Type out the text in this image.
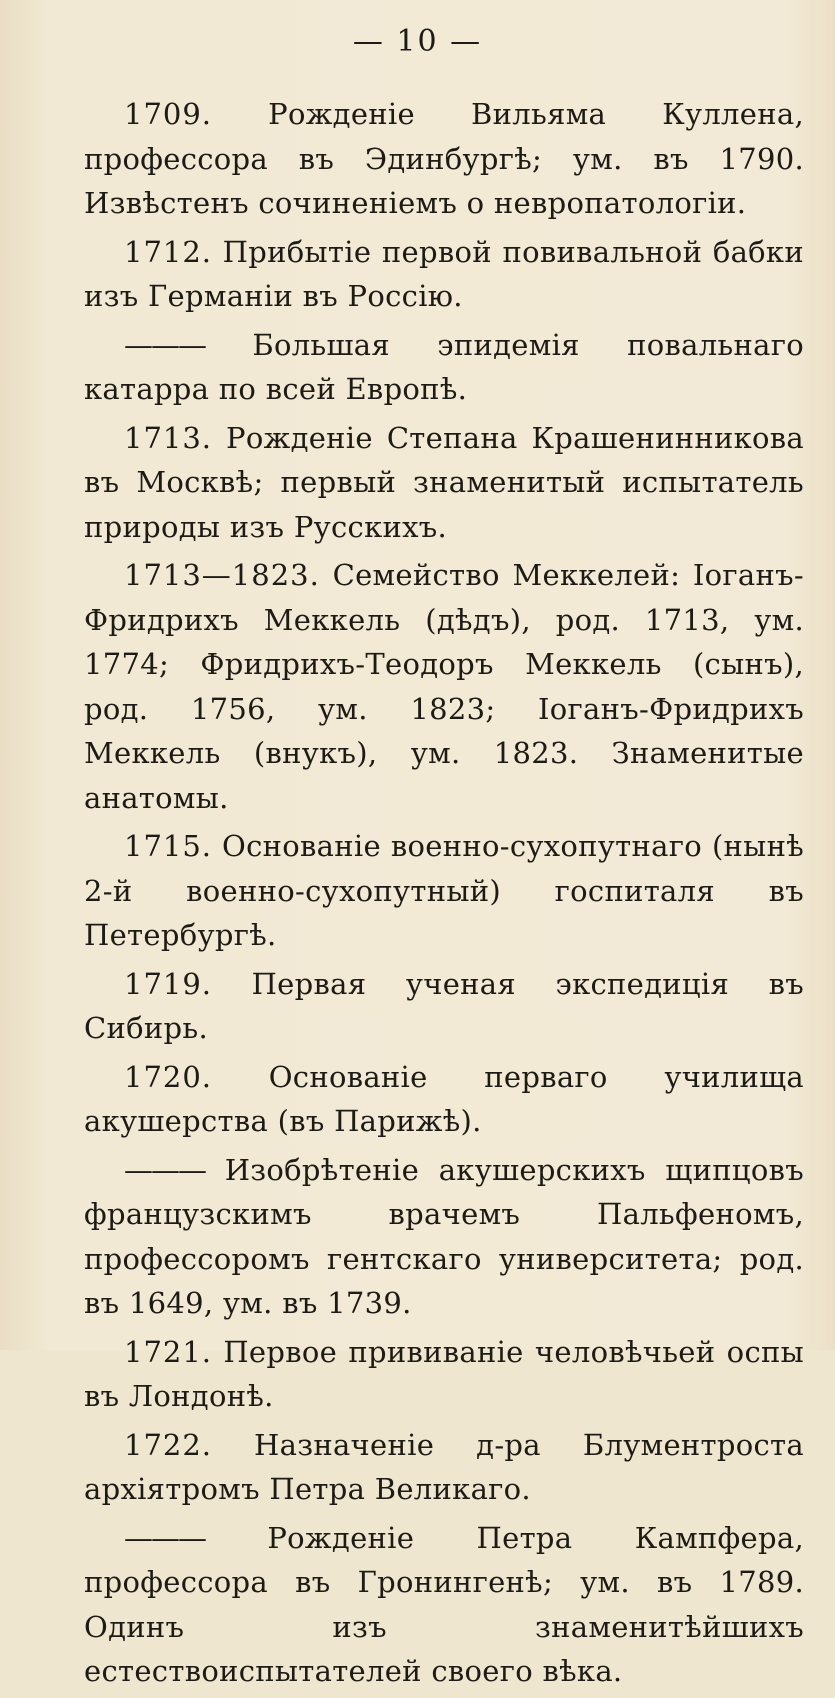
— 10 —

1709. Рожденіе Вильяма Куллена, профессора въ Эдинбургѣ; ум. въ 1790. Извѣстенъ сочиненіемъ о невропатологіи.

1712. Прибытіе первой повивальной бабки изъ Германіи въ Россію.

——— Большая эпидемія повальнаго катарра по всей Европѣ.

1713. Рожденіе Степана Крашенинникова въ Москвѣ; первый знаменитый испытатель природы изъ Русскихъ.

1713—1823. Семейство Меккелей: Іоганъ-Фридрихъ Меккель (дѣдъ), род. 1713, ум. 1774; Фридрихъ-Теодоръ Меккель (сынъ), род. 1756, ум. 1823; Іоганъ-Фридрихъ Меккель (внукъ), ум. 1823. Знаменитые анатомы.

1715. Основаніе военно-сухопутнаго (нынѣ 2-й военно-сухопутный) госпиталя въ Петербургѣ.

1719. Первая ученая экспедиція въ Сибирь.

1720. Основаніе перваго училища акушерства (въ Парижѣ).

——— Изобрѣтеніе акушерскихъ щипцовъ французскимъ врачемъ Пальфеномъ, профессоромъ гентскаго университета; род. въ 1649, ум. въ 1739.

1721. Первое прививаніе человѣчьей оспы въ Лондонѣ.

1722. Назначеніе д-ра Блументроста архіятромъ Петра Великаго.

——— Рожденіе Петра Кампфера, профессора въ Гронингенѣ; ум. въ 1789. Одинъ изъ знаменитѣйшихъ естествоиспытателей своего вѣка.
